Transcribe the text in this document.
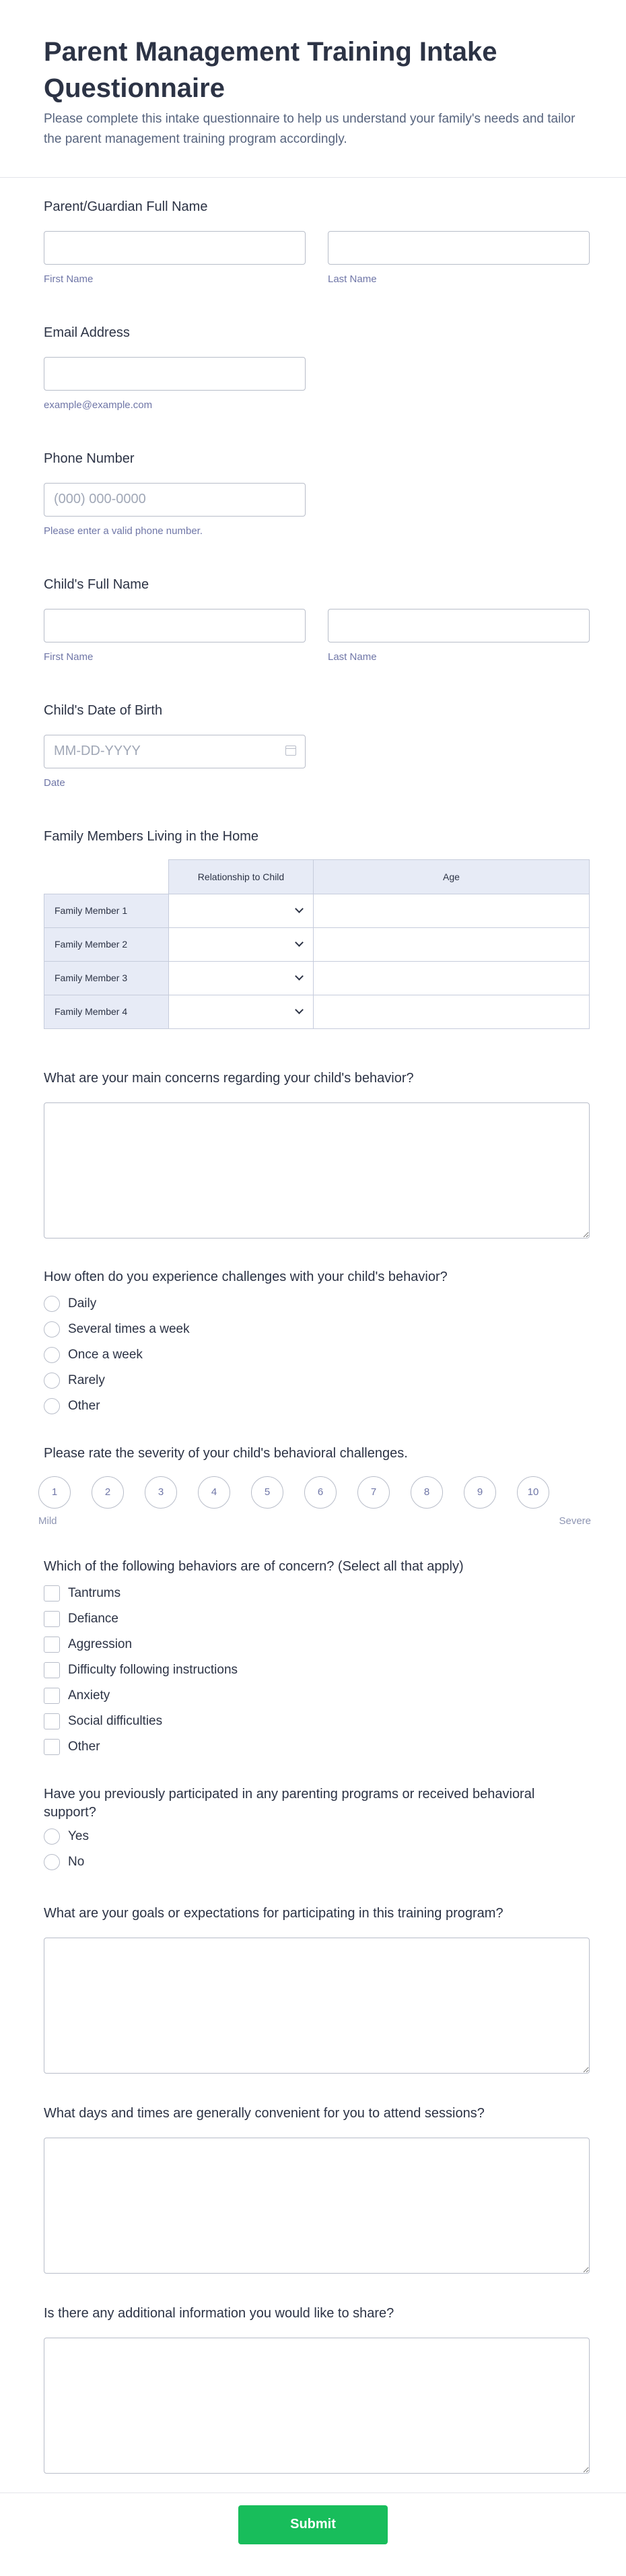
Parent Management Training Intake Questionnaire

Please complete this intake questionnaire to help us understand your family's needs and tailor the parent management training program accordingly.

Parent/Guardian Full Name
First Name	Last Name
Email Address
example@example.com
Phone Number
(000) 000-0000
Please enter a valid phone number.
Child's Full Name
First Name	Last Name
Child's Date of Birth
MM-DD-YYYY
Date
Family Members Living in the Home
	Relationship to Child	Age
Family Member 1	

Family Member 2	

Family Member 3	

Family Member 4	

What are your main concerns regarding your child's behavior?
How often do you experience challenges with your child's behavior?
Daily
Several times a week
Once a week
Rarely
Other
Please rate the severity of your child's behavioral challenges.
1	2	3	4	5	6	7	8	9	10
Mild	Severe
Which of the following behaviors are of concern? (Select all that apply)
Tantrums
Defiance
Aggression
Difficulty following instructions
Anxiety
Social difficulties
Other
Have you previously participated in any parenting programs or received behavioral support?
Yes
No
What are your goals or expectations for participating in this training program?
What days and times are generally convenient for you to attend sessions?
Is there any additional information you would like to share?
Submit
